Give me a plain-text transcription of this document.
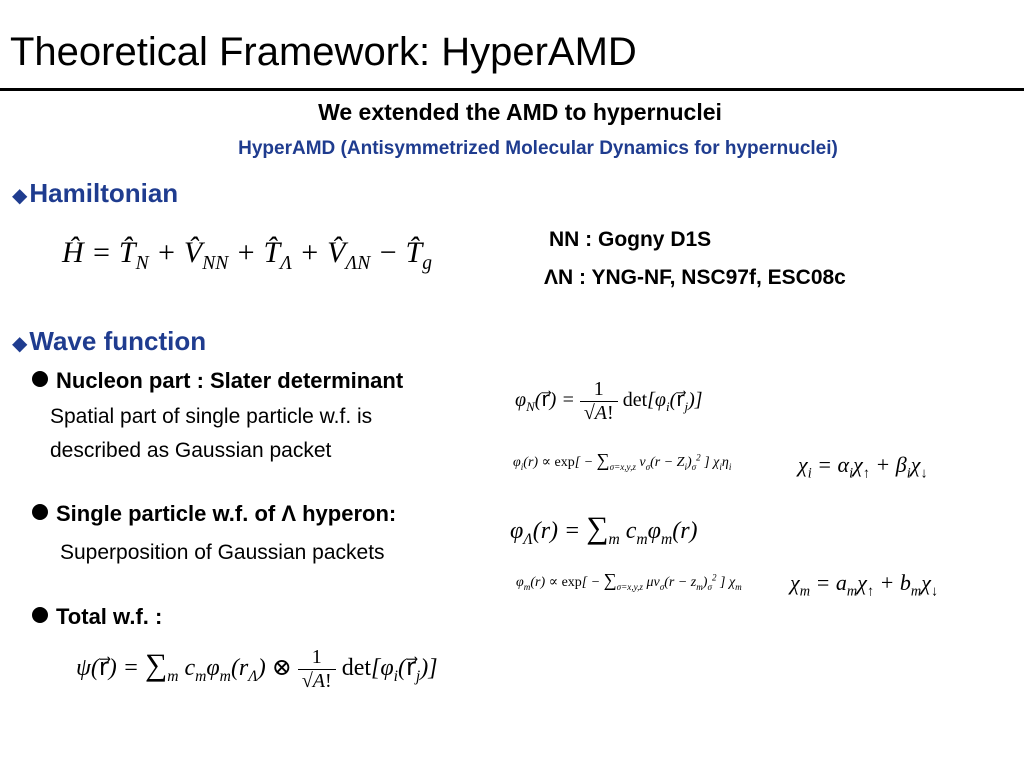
Theoretical Framework: HyperAMD
We extended the AMD to hypernuclei
HyperAMD (Antisymmetrized Molecular Dynamics for hypernuclei)
◆Hamiltonian
Ĥ = $T̂_N$ + $V̂_{NN}$ + $T̂_\Lambda$ + $V̂_{\Lambda N}$ − $T̂_g$
NN : Gogny D1S
ΛN : YNG-NF, NSC97f, ESC08c
◆Wave function
Nucleon part : Slater determinant
Spatial part of single particle w.f. is
described as Gaussian packet
$\varphi_N(r⃗) = \frac{1}{√A!}$ $\det[\varphi_i(r⃗_j)]$
$\varphi_i(r) \propto \exp[ - \sum_{\sigma=x,y,z}$ $\nu_\sigma(r - Z_i)_\sigma^2$ ] $\chi_i\eta_i$	$\chi_i = \alpha_i\chi_↑ + \beta_i\chi_↓$
Single particle w.f. of Λ hyperon:
Superposition of Gaussian packets
$\varphi_\Lambda(r) = \sum_m$ $c_m\varphi_m(r)$
$\varphi_m(r) \propto \exp[ - \sum_{\sigma=x,y,z}$ $\mu\nu_\sigma(r - z_m)_\sigma^2$ ] $\chi_m$ $\chi_m = a_m\chi_↑ + b_m\chi_↓$
Total w.f. :
ψ(r⃗) = $\sum_m$ $c_m\varphi_m(r_\Lambda)$ ⊗ $\frac{1}{√A!}$ $\det[\varphi_i(r⃗_j)]$
